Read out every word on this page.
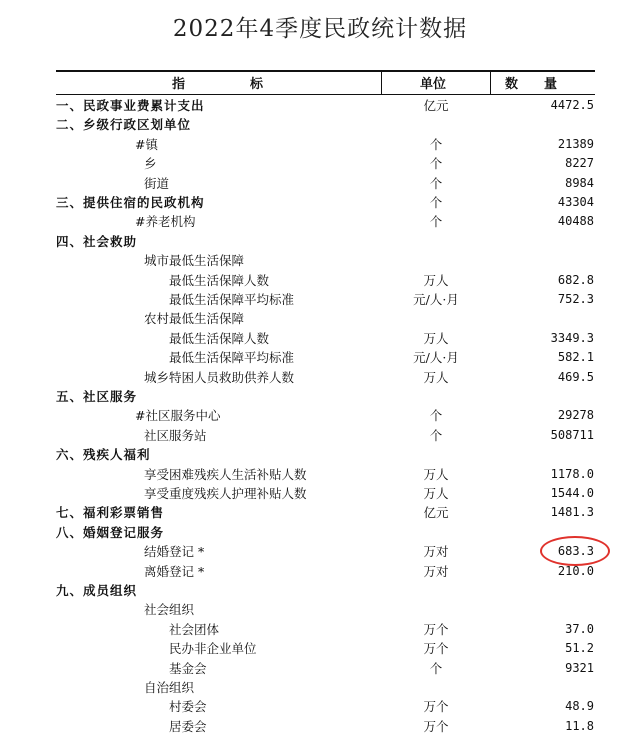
2022年4季度民政统计数据
指　　　　　标	单位	数　　量
一、民政事业费累计支出	亿元	4472.5
二、乡级行政区划单位
#镇	个	21389
乡	个	8227
街道	个	8984
三、提供住宿的民政机构	个	43304
#养老机构	个	40488
四、社会救助
城市最低生活保障
最低生活保障人数	万人	682.8
最低生活保障平均标准	元/人·月	752.3
农村最低生活保障
最低生活保障人数	万人	3349.3
最低生活保障平均标准	元/人·月	582.1
城乡特困人员救助供养人数	万人	469.5
五、社区服务
#社区服务中心	个	29278
社区服务站	个	508711
六、残疾人福利
享受困难残疾人生活补贴人数	万人	1178.0
享受重度残疾人护理补贴人数	万人	1544.0
七、福利彩票销售	亿元	1481.3
八、婚姻登记服务
结婚登记 *	万对	683.3
离婚登记 *	万对	210.0
九、成员组织
社会组织
社会团体	万个	37.0
民办非企业单位	万个	51.2
基金会	个	9321
自治组织
村委会	万个	48.9
居委会	万个	11.8
